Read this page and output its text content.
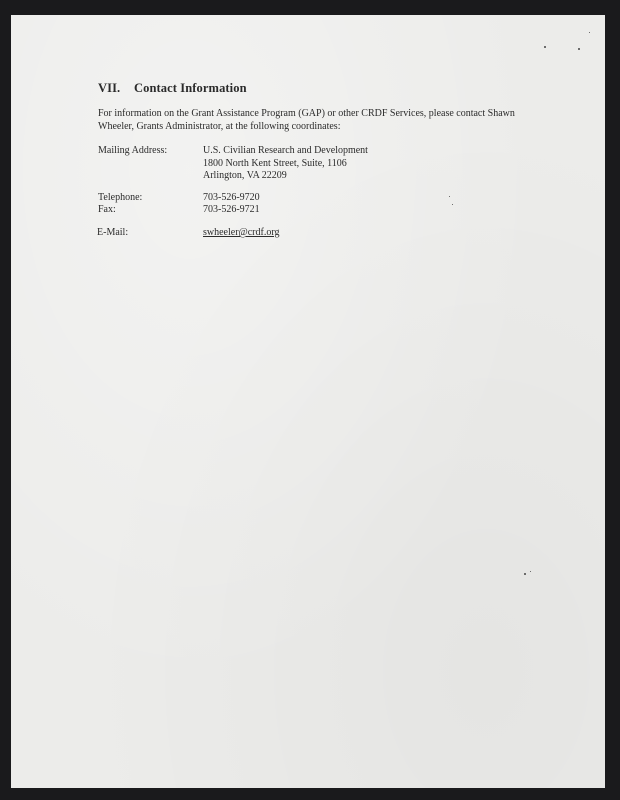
VII. Contact Information
For information on the Grant Assistance Program (GAP) or other CRDF Services, please contact Shawn Wheeler, Grants Administrator, at the following coordinates:
Mailing Address:	U.S. Civilian Research and Development
1800 North Kent Street, Suite, 1106
Arlington, VA 22209
Telephone:	703-526-9720
Fax:	703-526-9721
E-Mail:	swheeler@crdf.org
